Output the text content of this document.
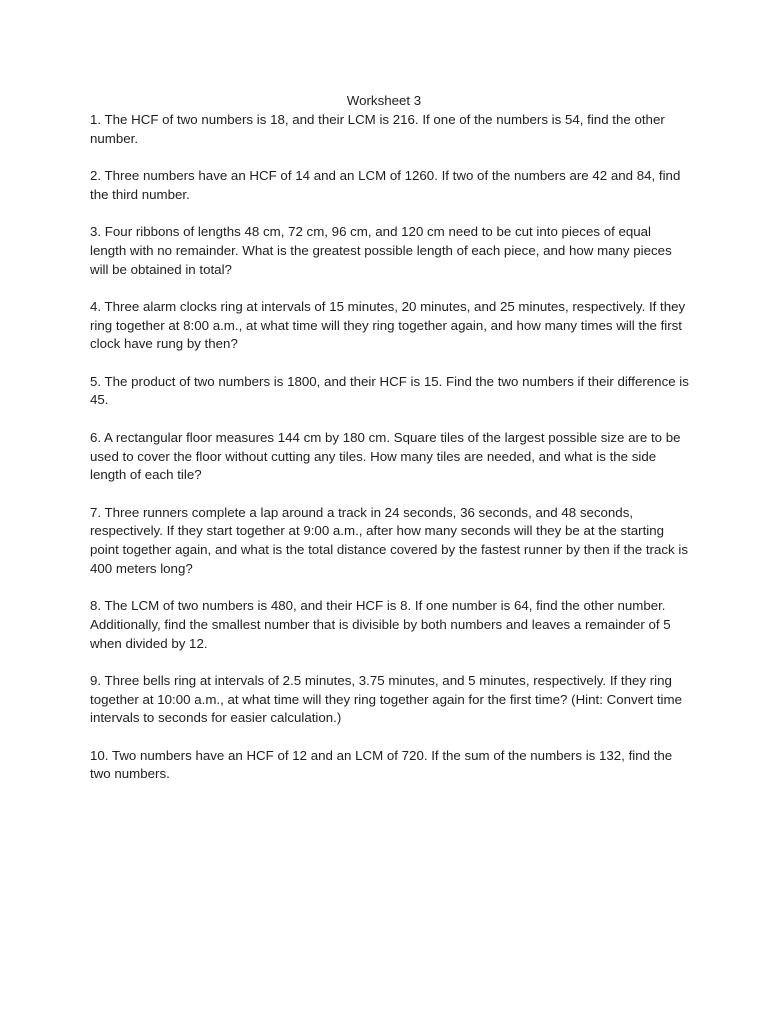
Worksheet 3
1. The HCF of two numbers is 18, and their LCM is 216. If one of the numbers is 54, find the other number.
2. Three numbers have an HCF of 14 and an LCM of 1260. If two of the numbers are 42 and 84, find the third number.
3. Four ribbons of lengths 48 cm, 72 cm, 96 cm, and 120 cm need to be cut into pieces of equal length with no remainder. What is the greatest possible length of each piece, and how many pieces will be obtained in total?
4. Three alarm clocks ring at intervals of 15 minutes, 20 minutes, and 25 minutes, respectively. If they ring together at 8:00 a.m., at what time will they ring together again, and how many times will the first clock have rung by then?
5. The product of two numbers is 1800, and their HCF is 15. Find the two numbers if their difference is 45.
6. A rectangular floor measures 144 cm by 180 cm. Square tiles of the largest possible size are to be used to cover the floor without cutting any tiles. How many tiles are needed, and what is the side length of each tile?
7. Three runners complete a lap around a track in 24 seconds, 36 seconds, and 48 seconds, respectively. If they start together at 9:00 a.m., after how many seconds will they be at the starting point together again, and what is the total distance covered by the fastest runner by then if the track is 400 meters long?
8. The LCM of two numbers is 480, and their HCF is 8. If one number is 64, find the other number. Additionally, find the smallest number that is divisible by both numbers and leaves a remainder of 5 when divided by 12.
9. Three bells ring at intervals of 2.5 minutes, 3.75 minutes, and 5 minutes, respectively. If they ring together at 10:00 a.m., at what time will they ring together again for the first time? (Hint: Convert time intervals to seconds for easier calculation.)
10. Two numbers have an HCF of 12 and an LCM of 720. If the sum of the numbers is 132, find the two numbers.
